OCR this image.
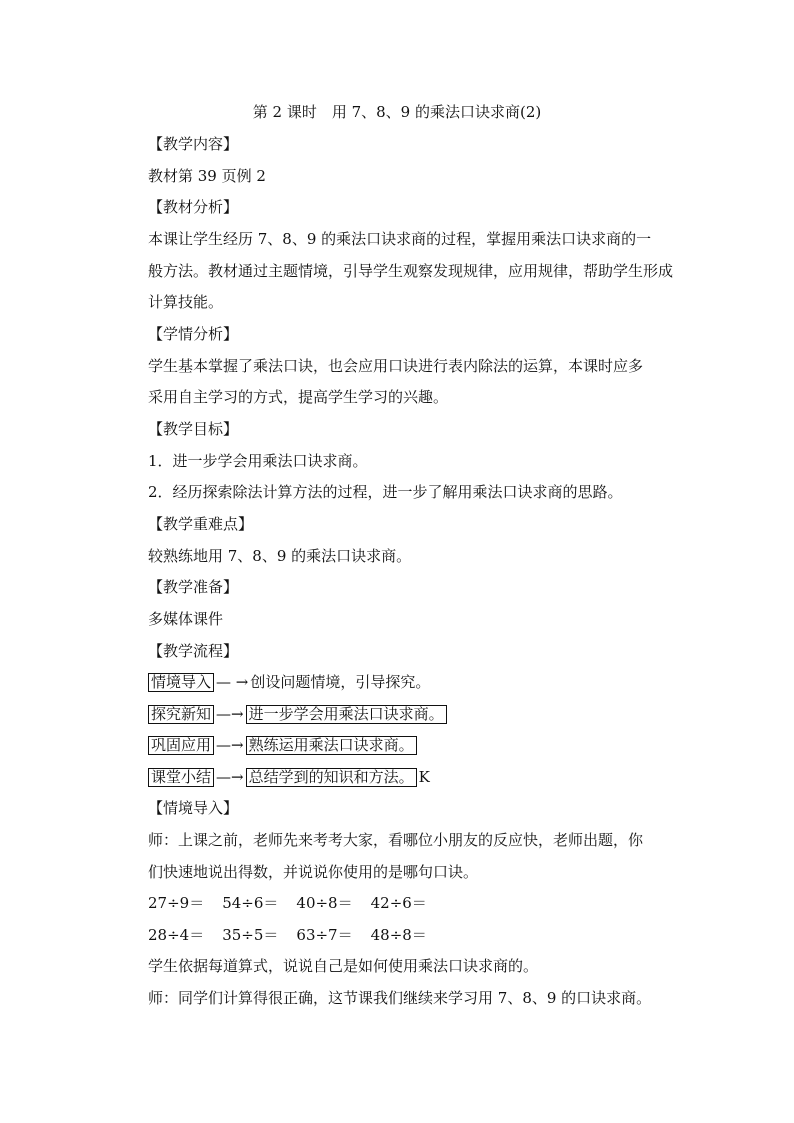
第 2 课时　用 7、8、9 的乘法口诀求商(2)
【教学内容】
教材第 39 页例 2
【教材分析】
本课让学生经历 7、8、9 的乘法口诀求商的过程，掌握用乘法口诀求商的一
般方法。教材通过主题情境，引导学生观察发现规律，应用规律，帮助学生形成
计算技能。
【学情分析】
学生基本掌握了乘法口诀，也会应用口诀进行表内除法的运算，本课时应多
采用自主学习的方式，提高学生学习的兴趣。
【教学目标】
1．进一步学会用乘法口诀求商。
2．经历探索除法计算方法的过程，进一步了解用乘法口诀求商的思路。
【教学重难点】
较熟练地用 7、8、9 的乘法口诀求商。
【教学准备】
多媒体课件
【教学流程】
情境导入 — → 创设问题情境，引导探究。
探究新知 —→ 进一步学会用乘法口诀求商。
巩固应用 —→ 熟练运用乘法口诀求商。
课堂小结 —→ 总结学到的知识和方法。 K
【情境导入】
师：上课之前，老师先来考考大家，看哪位小朋友的反应快，老师出题，你
们快速地说出得数，并说说你使用的是哪句口诀。
27÷9＝ 54÷6＝ 40÷8＝ 42÷6＝
28÷4＝ 35÷5＝ 63÷7＝ 48÷8＝
学生依据每道算式，说说自己是如何使用乘法口诀求商的。
师：同学们计算得很正确，这节课我们继续来学习用 7、8、9 的口诀求商。
